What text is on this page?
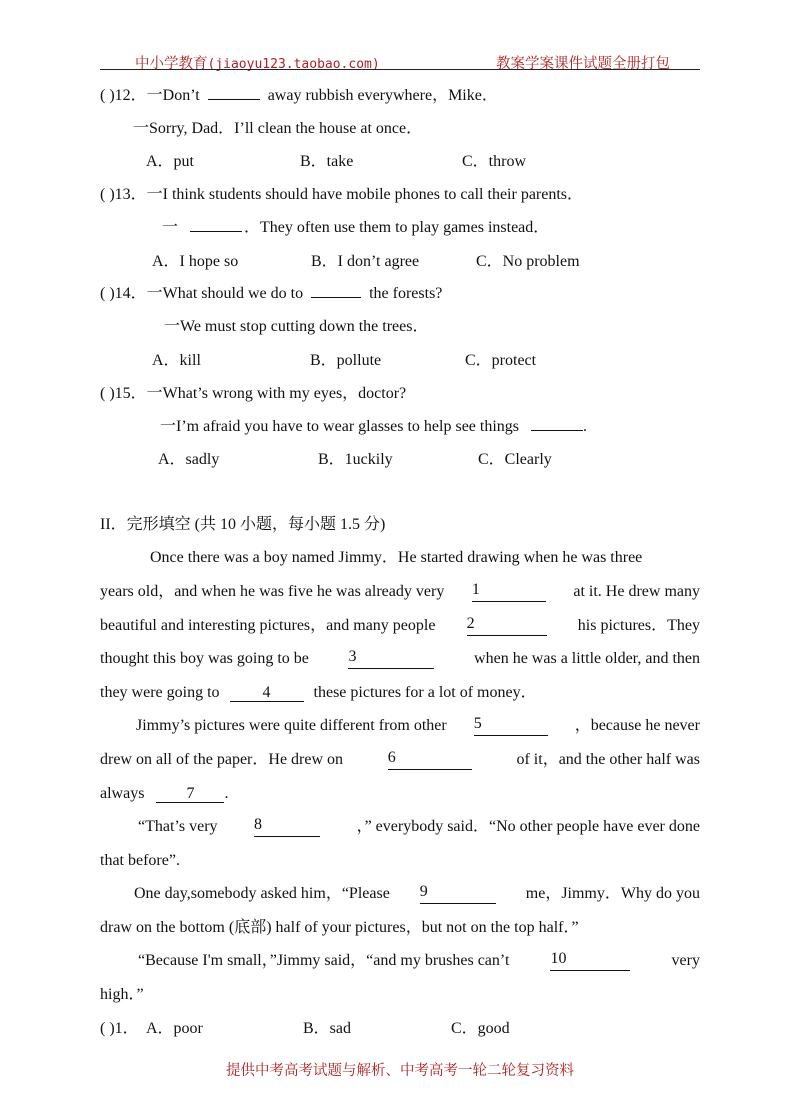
中小学教育(jiaoyu123.taobao.com)	教案学案课件试题全册打包
( )12．一Don’t	away rubbish everywhere，Mike．
一Sorry, Dad．I’ll clean the house at once．
A．put	B．take	C．throw
( )13．一I think students should have mobile phones to call their parents．
一	．They often use them to play games instead．
A．I hope so	B．I don’t agree	C．No problem
( )14．一What should we do to	the forests?
一We must stop cutting down the trees．
A．kill	B．pollute	C．protect
( )15．一What’s wrong with my eyes，doctor?
一I’m afraid you have to wear glasses to help see things	.
A．sadly	B．1uckily	C．Clearly
II．完形填空 (共 10 小题，每小题 1.5 分)
Once there was a boy named Jimmy．He started drawing when he was three
years old，and when he was five he was already very 1	at it. He drew many
beautiful and interesting pictures，and many people 2	his pictures．They
thought this boy was going to be 3	when he was a little older, and then
they were going to	4	these pictures for a lot of money．
Jimmy’s pictures were quite different from other 5	，because he never
drew on all of the paper．He drew on	6	of it，and the other half was
always	7 .
“That’s very 8	，” everybody said．“No other people have ever done
that before”.
One day,somebody asked him，“Please 9	me，Jimmy．Why do you
draw on the bottom (底部) half of your pictures，but not on the top half．”
“Because I'm small，”Jimmy said，“and my brushes can’t	10	very
high．”
( )1． A．poor	B．sad	C．good
提供中考高考试题与解析、中考高考一轮二轮复习资料
